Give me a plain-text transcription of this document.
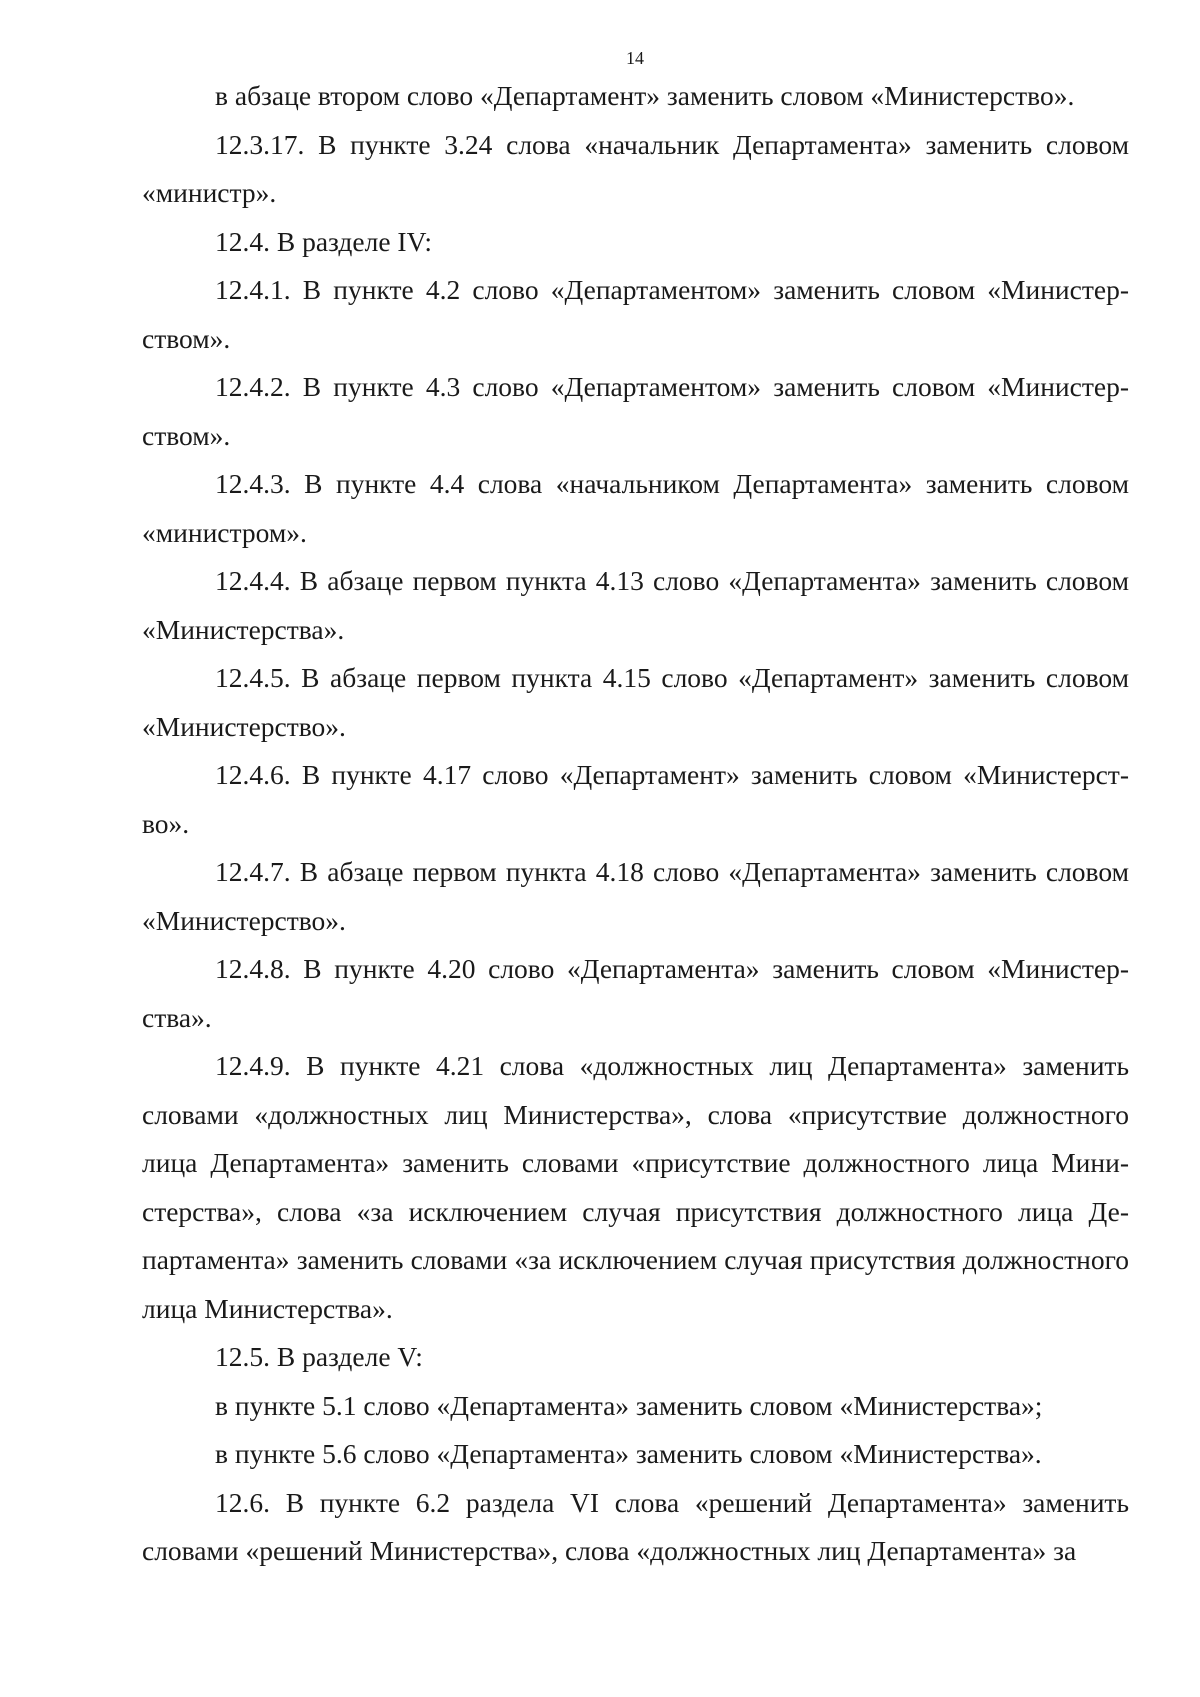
14

в абзаце втором слово «Департамент» заменить словом «Министерство».

12.3.17. В пункте 3.24 слова «начальник Департамента» заменить словом «министр».

12.4. В разделе IV:

12.4.1. В пункте 4.2 слово «Департаментом» заменить словом «Министерством».

12.4.2. В пункте 4.3 слово «Департаментом» заменить словом «Министерством».

12.4.3. В пункте 4.4 слова «начальником Департамента» заменить словом «министром».

12.4.4. В абзаце первом пункта 4.13 слово «Департамента» заменить словом «Министерства».

12.4.5. В абзаце первом пункта 4.15 слово «Департамент» заменить словом «Министерство».

12.4.6. В пункте 4.17 слово «Департамент» заменить словом «Министерство».

12.4.7. В абзаце первом пункта 4.18 слово «Департамента» заменить словом «Министерство».

12.4.8. В пункте 4.20 слово «Департамента» заменить словом «Министерства».

12.4.9. В пункте 4.21 слова «должностных лиц Департамента» заменить словами «должностных лиц Министерства», слова «присутствие должностного лица Департамента» заменить словами «присутствие должностного лица Министерства», слова «за исключением случая присутствия должностного лица Департамента» заменить словами «за исключением случая присутствия должностного лица Министерства».

12.5. В разделе V:

в пункте 5.1 слово «Департамента» заменить словом «Министерства»;

в пункте 5.6 слово «Департамента» заменить словом «Министерства».

12.6. В пункте 6.2 раздела VI слова «решений Департамента» заменить словами «решений Министерства», слова «должностных лиц Департамента» за
